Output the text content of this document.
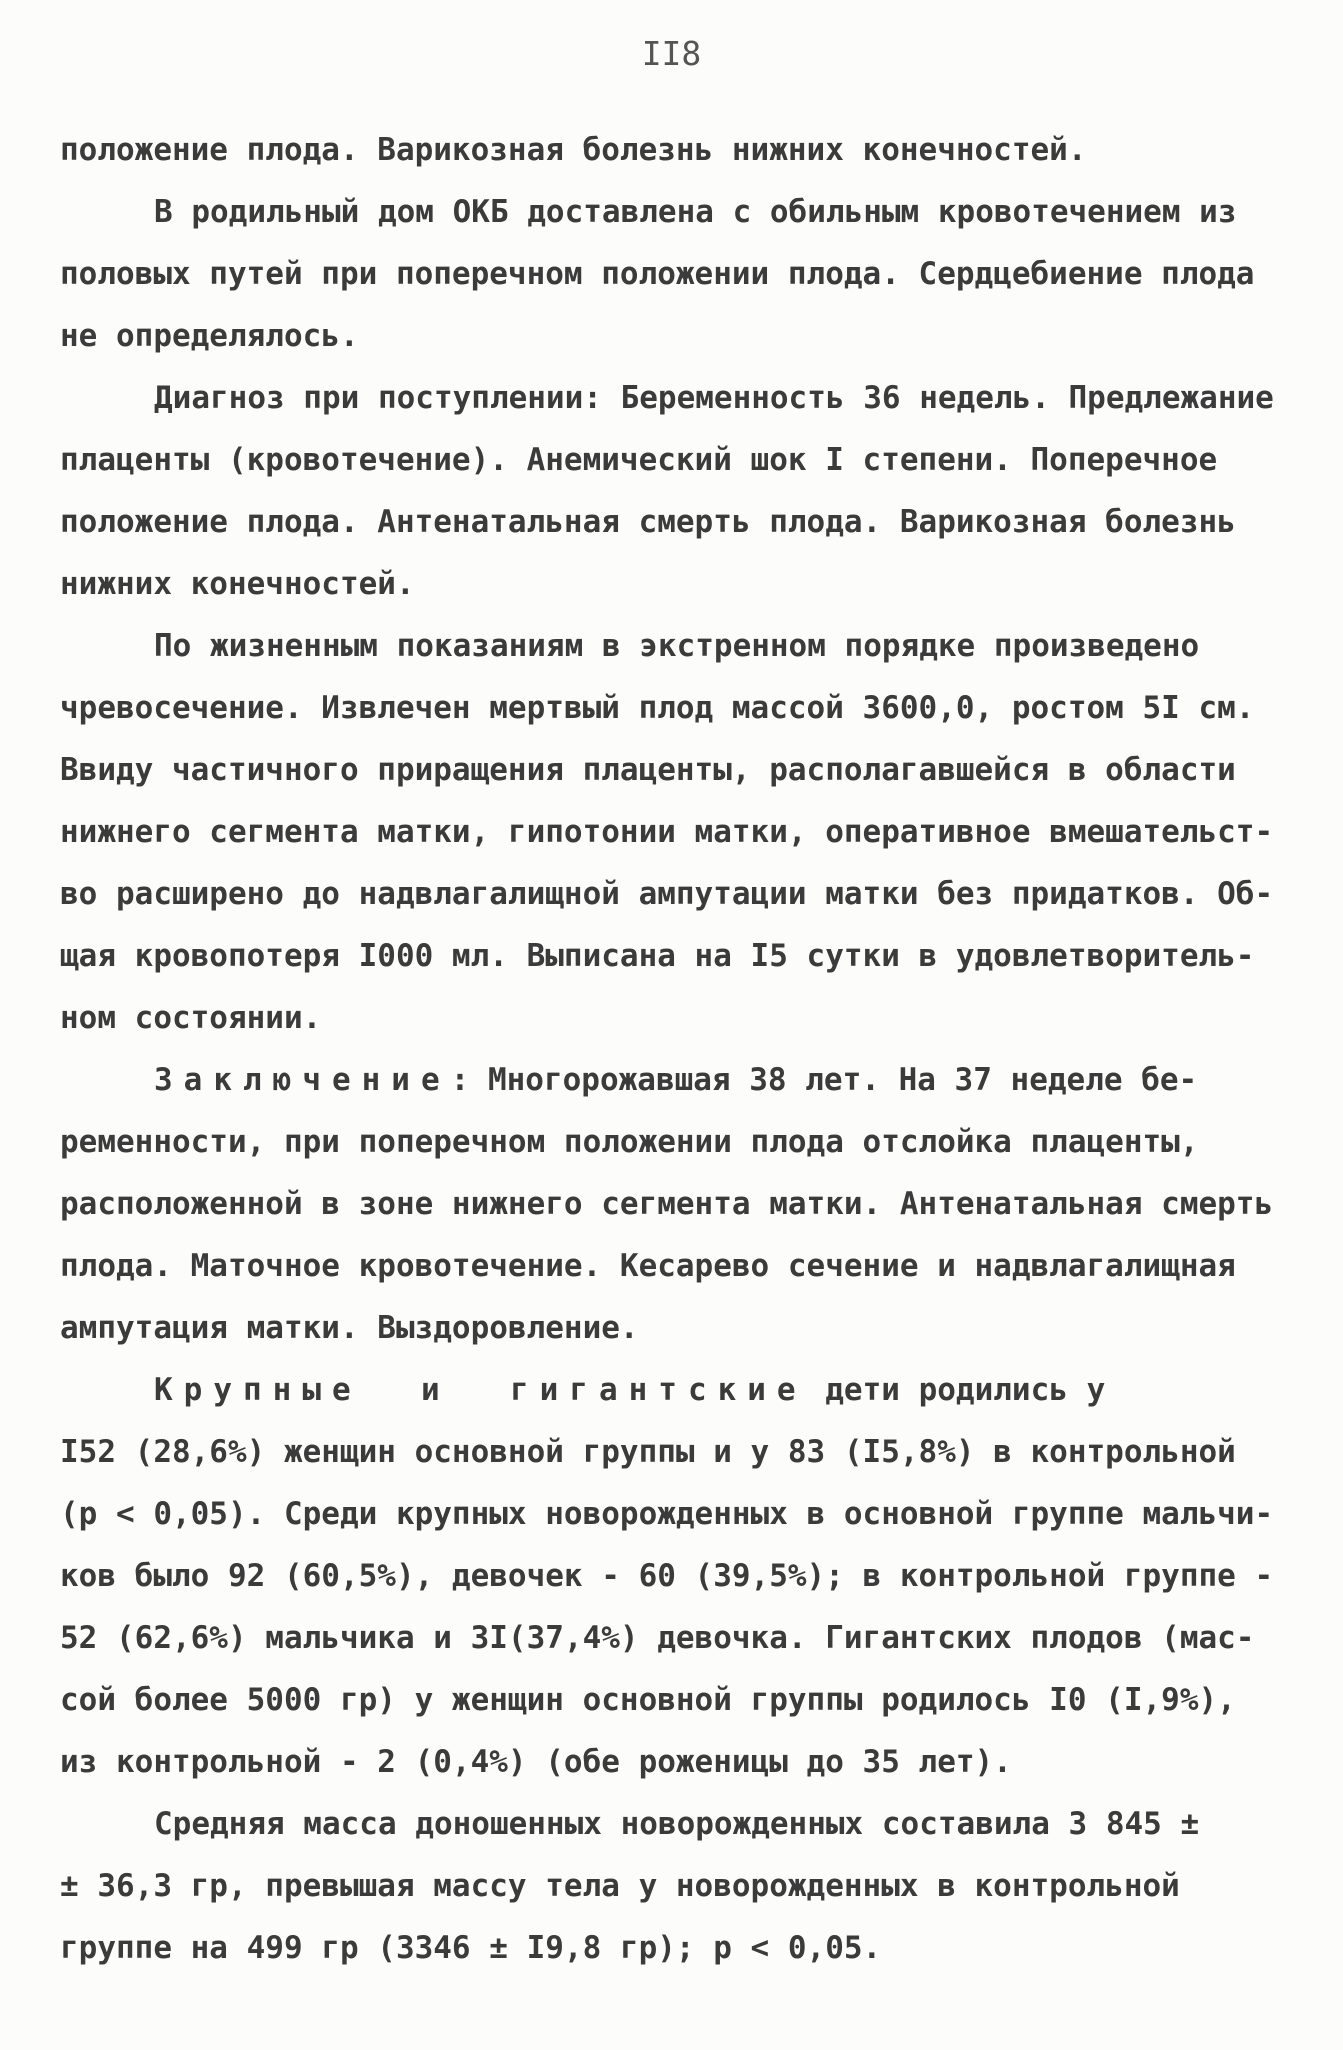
II8
положение плода. Варикозная болезнь нижних конечностей.
В родильный дом ОКБ доставлена с обильным кровотечением из
половых путей при поперечном положении плода. Сердцебиение плода
не определялось.
Диагноз при поступлении: Беременность 36 недель. Предлежание
плаценты (кровотечение). Анемический шок I степени. Поперечное
положение плода. Антенатальная смерть плода. Варикозная болезнь
нижних конечностей.
По жизненным показаниям в экстренном порядке произведено
чревосечение. Извлечен мертвый плод массой 3600,0, ростом 5I см.
Ввиду частичного приращения плаценты, располагавшейся в области
нижнего сегмента матки, гипотонии матки, оперативное вмешательст-
во расширено до надвлагалищной ампутации матки без придатков. Об-
щая кровопотеря I000 мл. Выписана на I5 сутки в удовлетворитель-
ном состоянии.
Заключение: Многорожавшая 38 лет. На 37 неделе бе-
ременности, при поперечном положении плода отслойка плаценты,
расположенной в зоне нижнего сегмента матки. Антенатальная смерть
плода. Маточное кровотечение. Кесарево сечение и надвлагалищная
ампутация матки. Выздоровление.
Крупные  и  гигантские дети родились у
I52 (28,6%) женщин основной группы и у 83 (I5,8%) в контрольной
(p < 0,05). Среди крупных новорожденных в основной группе мальчи-
ков было 92 (60,5%), девочек - 60 (39,5%); в контрольной группе -
52 (62,6%) мальчика и 3I(37,4%) девочка. Гигантских плодов (мас-
сой более 5000 гр) у женщин основной группы родилось I0 (I,9%),
из контрольной - 2 (0,4%) (обе роженицы до 35 лет).
Средняя масса доношенных новорожденных составила 3 845 ±
± 36,3 гр, превышая массу тела у новорожденных в контрольной
группе на 499 гр (3346 ± I9,8 гр); p < 0,05.
